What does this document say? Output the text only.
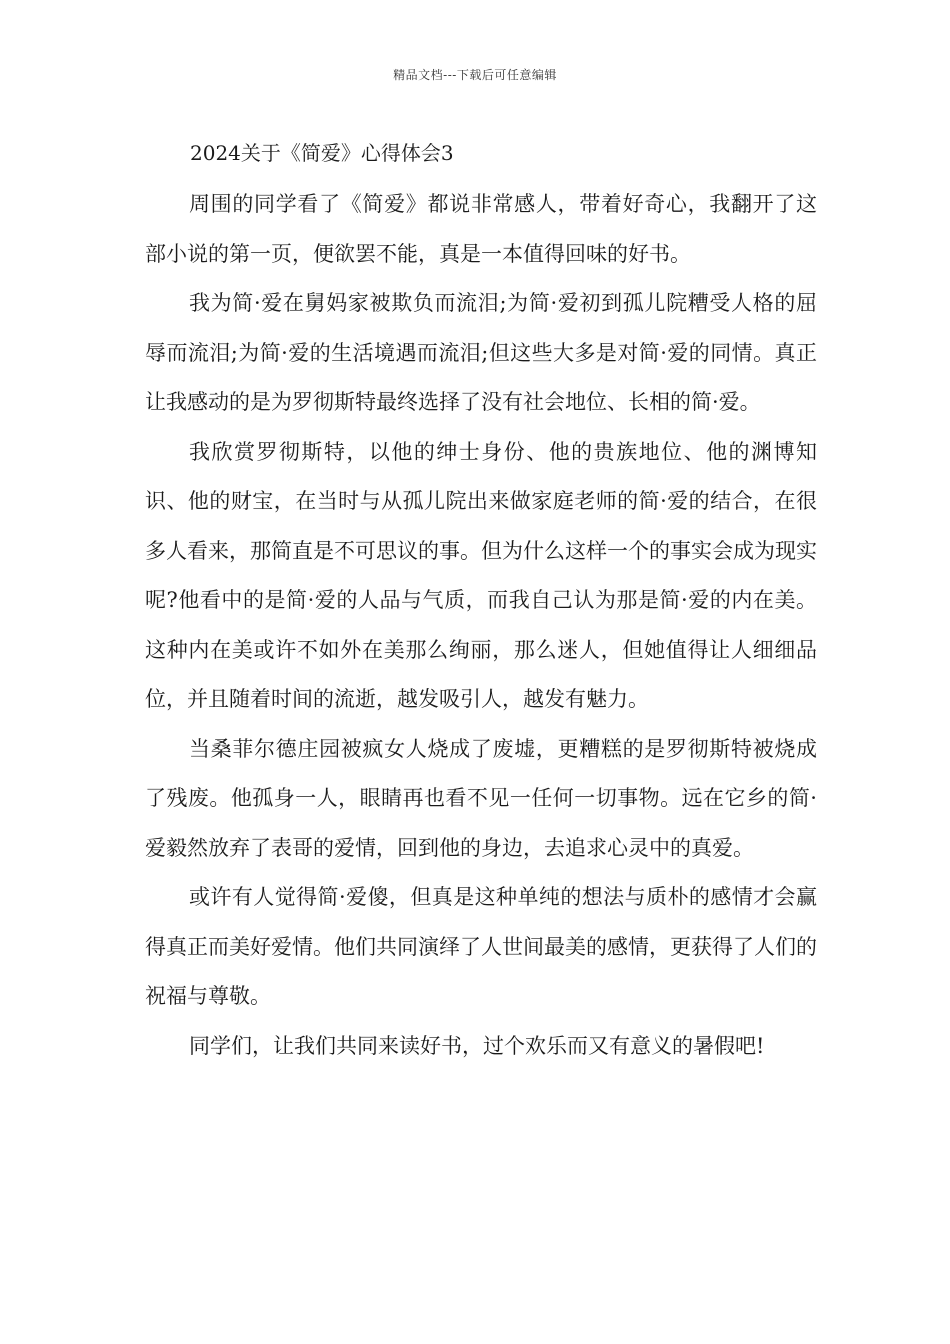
精品文档---下载后可任意编辑
2024关于《简爱》心得体会3

周围的同学看了《简爱》都说非常感人，带着好奇心，我翻开了这部小说的第一页，便欲罢不能，真是一本值得回味的好书。

我为简·爱在舅妈家被欺负而流泪;为简·爱初到孤儿院糟受人格的屈辱而流泪;为简·爱的生活境遇而流泪;但这些大多是对简·爱的同情。真正让我感动的是为罗彻斯特最终选择了没有社会地位、长相的简·爱。

我欣赏罗彻斯特，以他的绅士身份、他的贵族地位、他的渊博知识、他的财宝，在当时与从孤儿院出来做家庭老师的简·爱的结合，在很多人看来，那简直是不可思议的事。但为什么这样一个的事实会成为现实呢?他看中的是简·爱的人品与气质，而我自己认为那是简·爱的内在美。这种内在美或许不如外在美那么绚丽，那么迷人，但她值得让人细细品位，并且随着时间的流逝，越发吸引人，越发有魅力。

当桑菲尔德庄园被疯女人烧成了废墟，更糟糕的是罗彻斯特被烧成了残废。他孤身一人，眼睛再也看不见一任何一切事物。远在它乡的简·爱毅然放弃了表哥的爱情，回到他的身边，去追求心灵中的真爱。

或许有人觉得简·爱傻，但真是这种单纯的想法与质朴的感情才会赢得真正而美好爱情。他们共同演绎了人世间最美的感情，更获得了人们的祝福与尊敬。

同学们，让我们共同来读好书，过个欢乐而又有意义的暑假吧!
